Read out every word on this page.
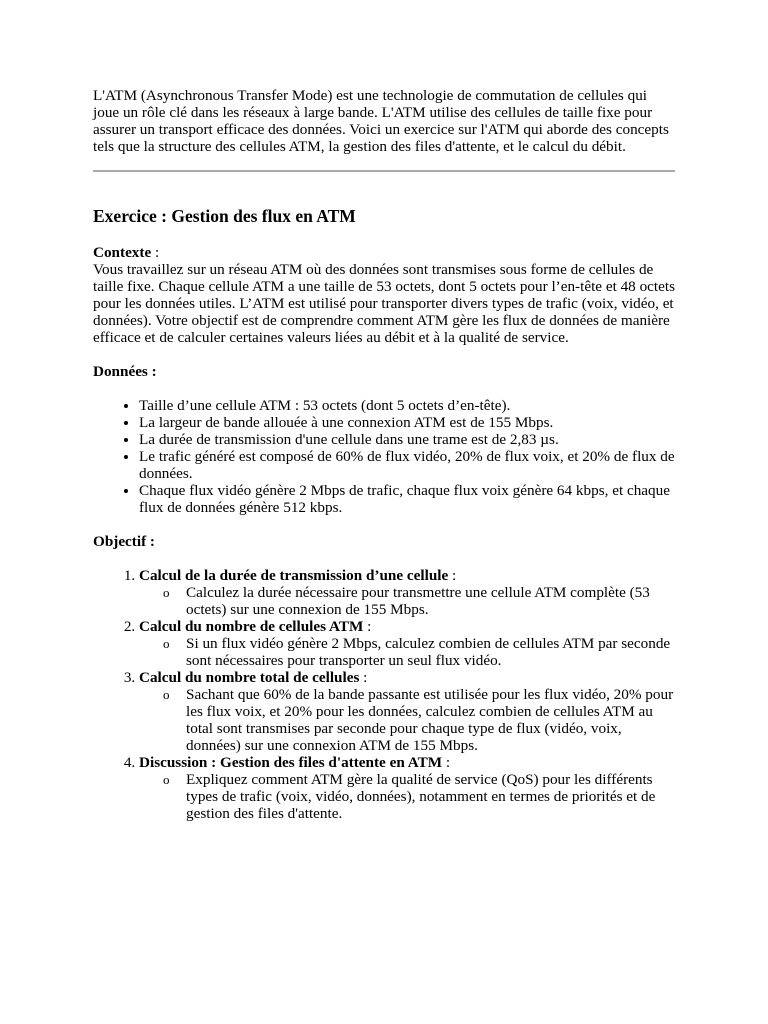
L'ATM (Asynchronous Transfer Mode) est une technologie de commutation de cellules qui joue un rôle clé dans les réseaux à large bande. L'ATM utilise des cellules de taille fixe pour assurer un transport efficace des données. Voici un exercice sur l'ATM qui aborde des concepts tels que la structure des cellules ATM, la gestion des files d'attente, et le calcul du débit.

Exercice : Gestion des flux en ATM

Contexte :
Vous travaillez sur un réseau ATM où des données sont transmises sous forme de cellules de taille fixe. Chaque cellule ATM a une taille de 53 octets, dont 5 octets pour l’en-tête et 48 octets pour les données utiles. L’ATM est utilisé pour transporter divers types de trafic (voix, vidéo, et données). Votre objectif est de comprendre comment ATM gère les flux de données de manière efficace et de calculer certaines valeurs liées au débit et à la qualité de service.

Données :

• Taille d’une cellule ATM : 53 octets (dont 5 octets d’en-tête).
• La largeur de bande allouée à une connexion ATM est de 155 Mbps.
• La durée de transmission d'une cellule dans une trame est de 2,83 µs.
• Le trafic généré est composé de 60% de flux vidéo, 20% de flux voix, et 20% de flux de données.
• Chaque flux vidéo génère 2 Mbps de trafic, chaque flux voix génère 64 kbps, et chaque flux de données génère 512 kbps.

Objectif :

1. Calcul de la durée de transmission d’une cellule :
o Calculez la durée nécessaire pour transmettre une cellule ATM complète (53 octets) sur une connexion de 155 Mbps.
2. Calcul du nombre de cellules ATM :
o Si un flux vidéo génère 2 Mbps, calculez combien de cellules ATM par seconde sont nécessaires pour transporter un seul flux vidéo.
3. Calcul du nombre total de cellules :
o Sachant que 60% de la bande passante est utilisée pour les flux vidéo, 20% pour les flux voix, et 20% pour les données, calculez combien de cellules ATM au total sont transmises par seconde pour chaque type de flux (vidéo, voix, données) sur une connexion ATM de 155 Mbps.
4. Discussion : Gestion des files d'attente en ATM :
o Expliquez comment ATM gère la qualité de service (QoS) pour les différents types de trafic (voix, vidéo, données), notamment en termes de priorités et de gestion des files d'attente.
